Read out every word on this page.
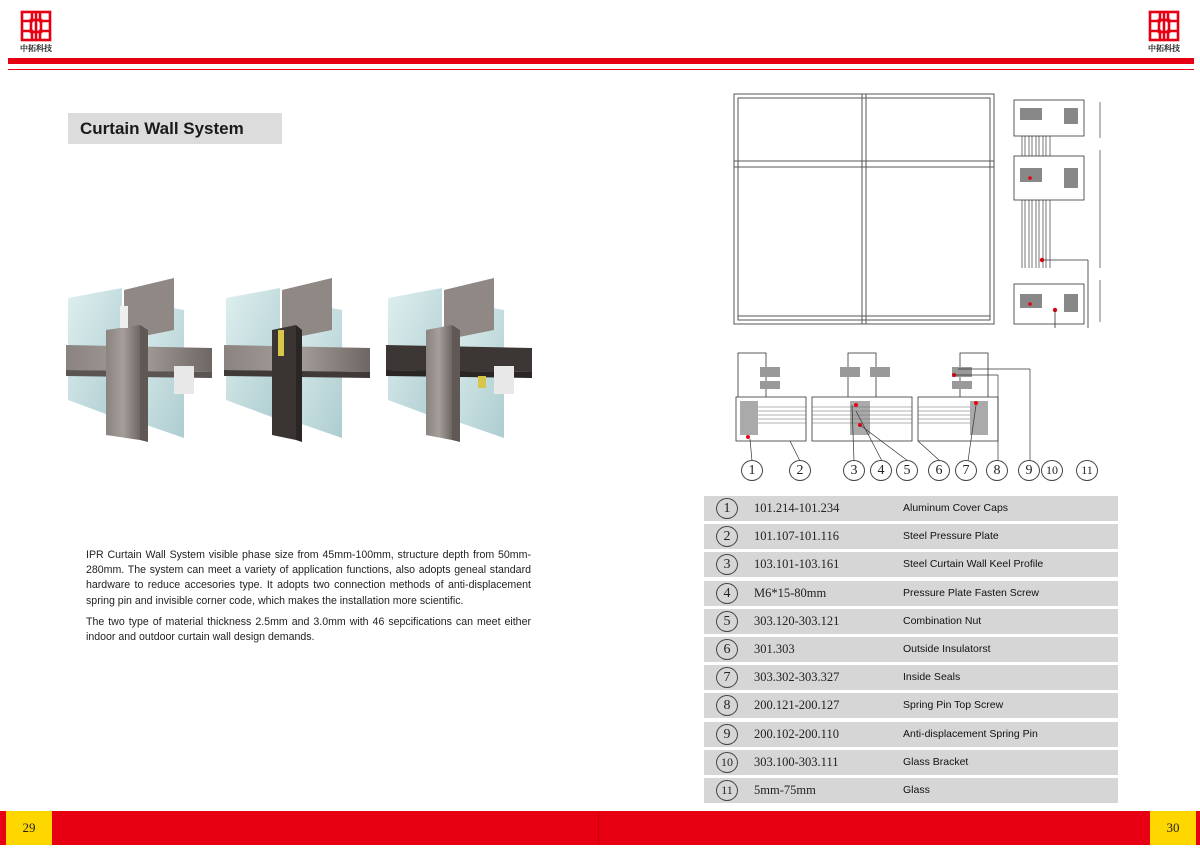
中拓科技	中拓科技
Curtain Wall System

IPR Curtain Wall System visible phase size from 45mm-100mm, structure depth from 50mm-280mm. The system can meet a variety of application functions, also adopts geneal standard hardware to reduce accesories type. It adopts two connection methods of anti-displacement spring pin and invisible corner code, which makes the installation more scientific.

The two type of material thickness 2.5mm and 3.0mm with 46 sepcifications can meet either indoor and outdoor curtain wall design demands.

1	2	3	4	5	6	7	8	9	10	11
1	101.214-101.234	Aluminum Cover Caps
2	101.107-101.116	Steel Pressure Plate
3	103.101-103.161	Steel Curtain Wall Keel Profile
4	M6*15-80mm	Pressure Plate Fasten Screw
5	303.120-303.121	Combination Nut
6	301.303	Outside Insulatorst
7	303.302-303.327	Inside Seals
8	200.121-200.127	Spring Pin Top Screw
9	200.102-200.110	Anti-displacement Spring Pin
10	303.100-303.111	Glass Bracket
11	5mm-75mm	Glass
29	30
